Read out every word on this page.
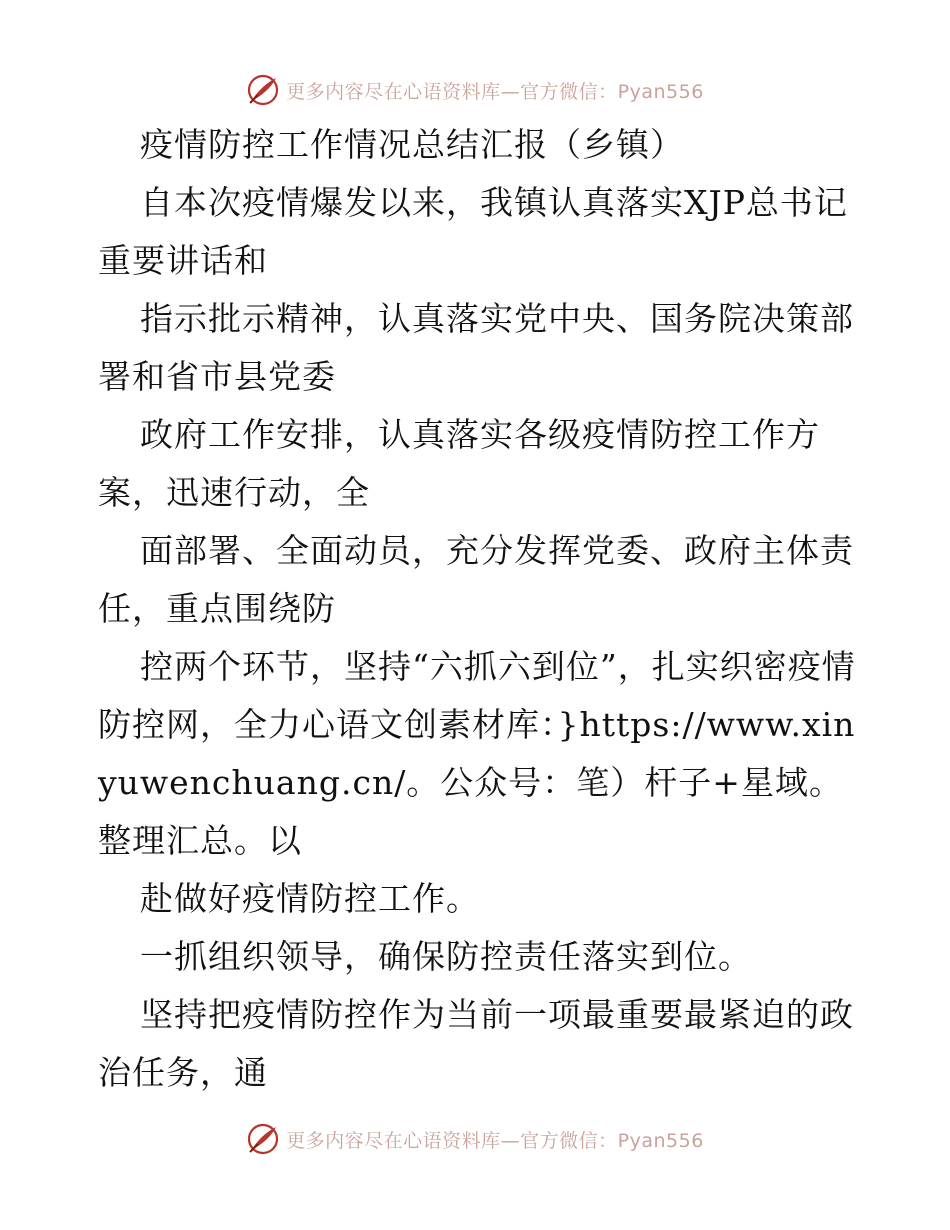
更多内容尽在心语资料库—官方微信：Pyan556

疫情防控工作情况总结汇报（乡镇）

自本次疫情爆发以来，我镇认真落实XJP总书记重要讲话和

指示批示精神，认真落实党中央、国务院决策部署和省市县党委

政府工作安排，认真落实各级疫情防控工作方案，迅速行动，全

面部署、全面动员，充分发挥党委、政府主体责任，重点围绕防

控两个环节，坚持“六抓六到位”，扎实织密疫情防控网，全力心语文创素材库：}https://www.xinyuwenchuang.cn/。公众号：笔）杆子+星域。整理汇总。以

赴做好疫情防控工作。

一抓组织领导，确保防控责任落实到位。

坚持把疫情防控作为当前一项最重要最紧迫的政治任务，通

更多内容尽在心语资料库—官方微信：Pyan556
